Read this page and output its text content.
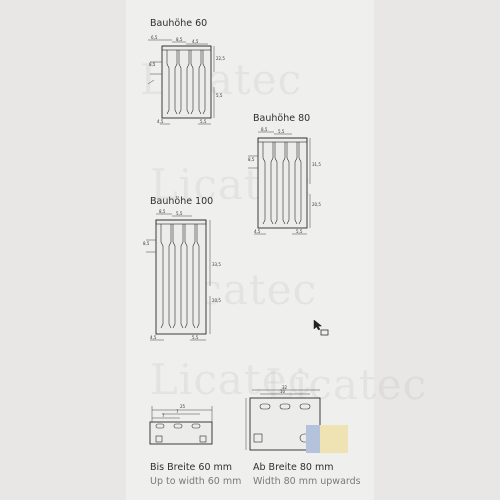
Bauhöhe 60
Bauhöhe 80
Bauhöhe 100
6,5	8,5 4,5
22,5
5,5
8,5
4,5	5,5
8,5	5,5
31,5
20,5
8,5
4,5	5,5
8,5	5,5
33,5
20,5
8,5
4,5	5,5
25
7
7
32
10
Bis Breite 60 mm
Up to width 60 mm
Ab Breite 80 mm
Width 80 mm upwards
